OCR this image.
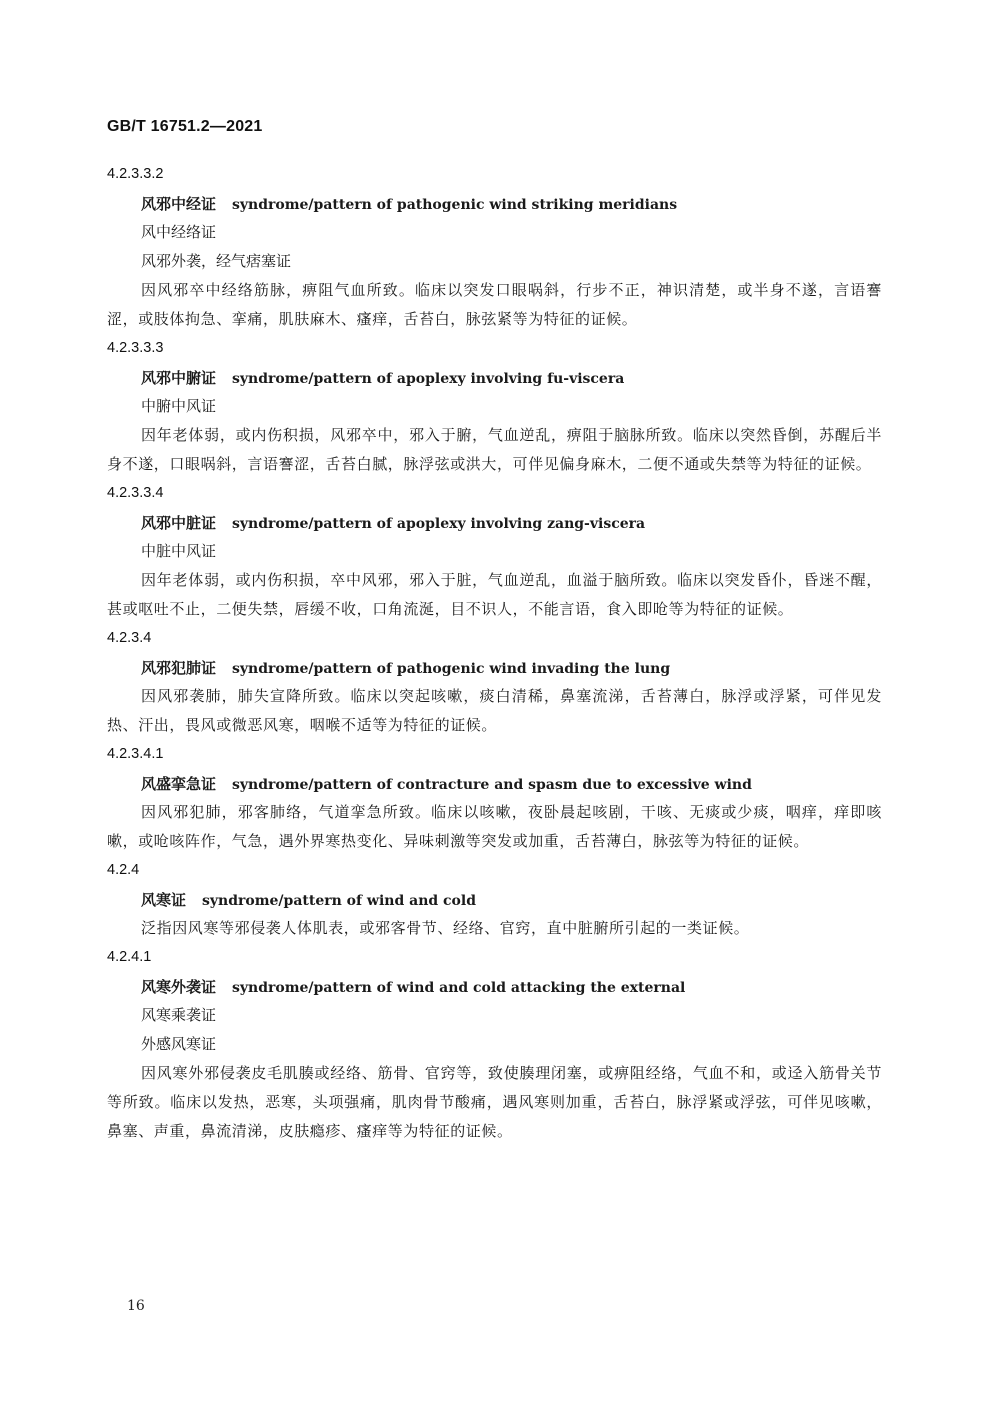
GB/T 16751.2—2021
4.2.3.3.2
风邪中经证 syndrome/pattern of pathogenic wind striking meridians
风中经络证
风邪外袭，经气痞塞证
因风邪卒中经络筋脉，痹阻气血所致。临床以突发口眼㖞斜，行步不正，神识清楚，或半身不遂，言语謇涩，或肢体拘急、挛痛，肌肤麻木、瘙痒，舌苔白，脉弦紧等为特征的证候。
4.2.3.3.3
风邪中腑证 syndrome/pattern of apoplexy involving fu-viscera
中腑中风证
因年老体弱，或内伤积损，风邪卒中，邪入于腑，气血逆乱，痹阻于脑脉所致。临床以突然昏倒，苏醒后半身不遂，口眼㖞斜，言语謇涩，舌苔白腻，脉浮弦或洪大，可伴见偏身麻木，二便不通或失禁等为特征的证候。
4.2.3.3.4
风邪中脏证 syndrome/pattern of apoplexy involving zang-viscera
中脏中风证
因年老体弱，或内伤积损，卒中风邪，邪入于脏，气血逆乱，血溢于脑所致。临床以突发昏仆，昏迷不醒，甚或呕吐不止，二便失禁，唇缓不收，口角流涎，目不识人，不能言语，食入即呛等为特征的证候。
4.2.3.4
风邪犯肺证 syndrome/pattern of pathogenic wind invading the lung
因风邪袭肺，肺失宣降所致。临床以突起咳嗽，痰白清稀，鼻塞流涕，舌苔薄白，脉浮或浮紧，可伴见发热、汗出，畏风或微恶风寒，咽喉不适等为特征的证候。
4.2.3.4.1
风盛挛急证 syndrome/pattern of contracture and spasm due to excessive wind
因风邪犯肺，邪客肺络，气道挛急所致。临床以咳嗽，夜卧晨起咳剧，干咳、无痰或少痰，咽痒，痒即咳嗽，或呛咳阵作，气急，遇外界寒热变化、异味刺激等突发或加重，舌苔薄白，脉弦等为特征的证候。
4.2.4
风寒证 syndrome/pattern of wind and cold
泛指因风寒等邪侵袭人体肌表，或邪客骨节、经络、官窍，直中脏腑所引起的一类证候。
4.2.4.1
风寒外袭证 syndrome/pattern of wind and cold attacking the external
风寒乘袭证
外感风寒证
因风寒外邪侵袭皮毛肌腠或经络、筋骨、官窍等，致使腠理闭塞，或痹阻经络，气血不和，或迳入筋骨关节等所致。临床以发热，恶寒，头项强痛，肌肉骨节酸痛，遇风寒则加重，舌苔白，脉浮紧或浮弦，可伴见咳嗽，鼻塞、声重，鼻流清涕，皮肤瘾疹、瘙痒等为特征的证候。
16
